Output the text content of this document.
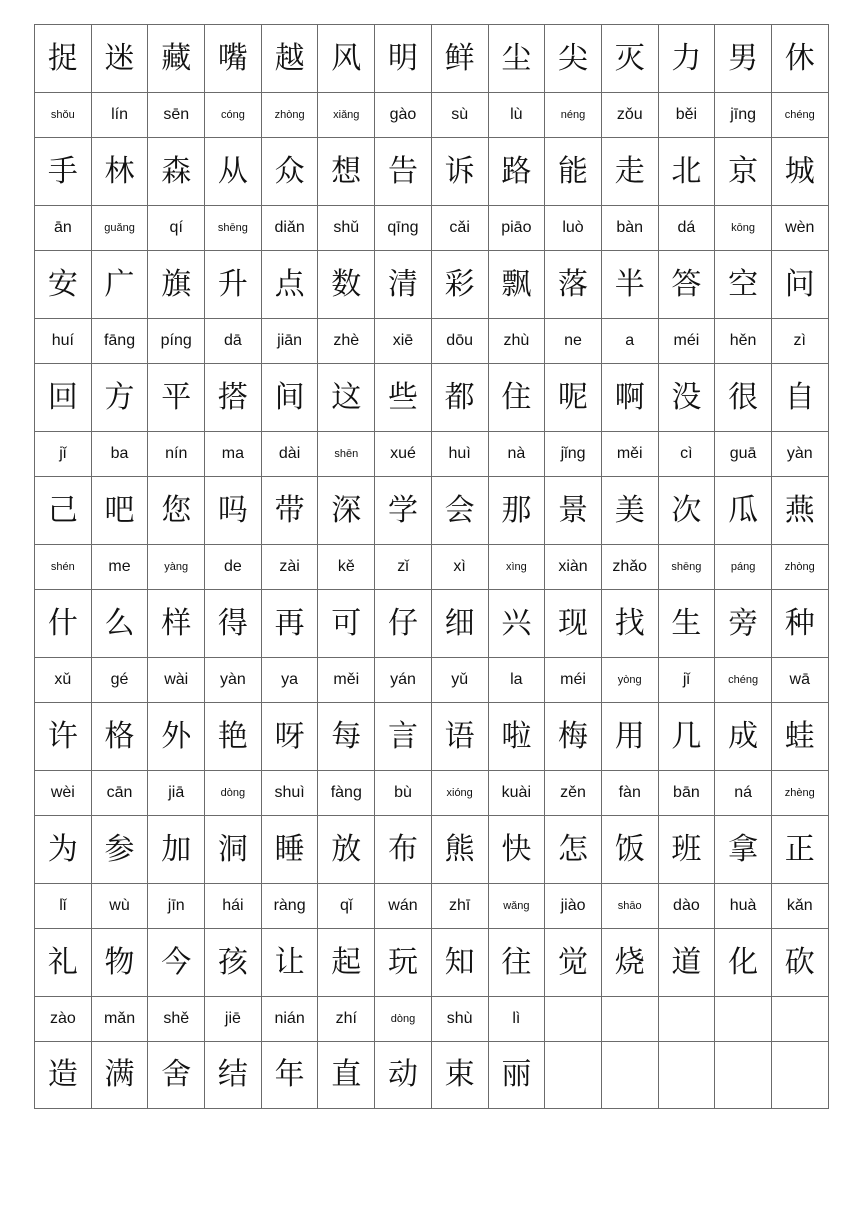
捉	迷	藏	嘴	越	风	明	鲜	尘	尖	灭	力	男	休
shǒu	lín	sēn	cóng	zhòng	xiǎng	gào	sù	lù	néng	zǒu	běi	jīng	chéng
手	林	森	从	众	想	告	诉	路	能	走	北	京	城
ān	guǎng	qí	shēng	diǎn	shǔ	qīng	cǎi	piāo	luò	bàn	dá	kōng	wèn
安	广	旗	升	点	数	清	彩	飘	落	半	答	空	问
huí	fāng	píng	dā	jiān	zhè	xiē	dōu	zhù	ne	a	méi	hěn	zì
回	方	平	搭	间	这	些	都	住	呢	啊	没	很	自
jǐ	ba	nín	ma	dài	shēn	xué	huì	nà	jǐng	měi	cì	guā	yàn
己	吧	您	吗	带	深	学	会	那	景	美	次	瓜	燕
shén	me	yàng	de	zài	kě	zǐ	xì	xìng	xiàn	zhǎo	shēng	páng	zhòng
什	么	样	得	再	可	仔	细	兴	现	找	生	旁	种
xǔ	gé	wài	yàn	ya	měi	yán	yǔ	la	méi	yòng	jǐ	chéng	wā
许	格	外	艳	呀	每	言	语	啦	梅	用	几	成	蛙
wèi	cān	jiā	dòng	shuì	fàng	bù	xióng	kuài	zěn	fàn	bān	ná	zhèng
为	参	加	洞	睡	放	布	熊	快	怎	饭	班	拿	正
lǐ	wù	jīn	hái	ràng	qǐ	wán	zhī	wǎng	jiào	shāo	dào	huà	kǎn
礼	物	今	孩	让	起	玩	知	往	觉	烧	道	化	砍
zào	mǎn	shě	jiē	nián	zhí	dòng	shù	lì					
造	满	舍	结	年	直	动	束	丽					
